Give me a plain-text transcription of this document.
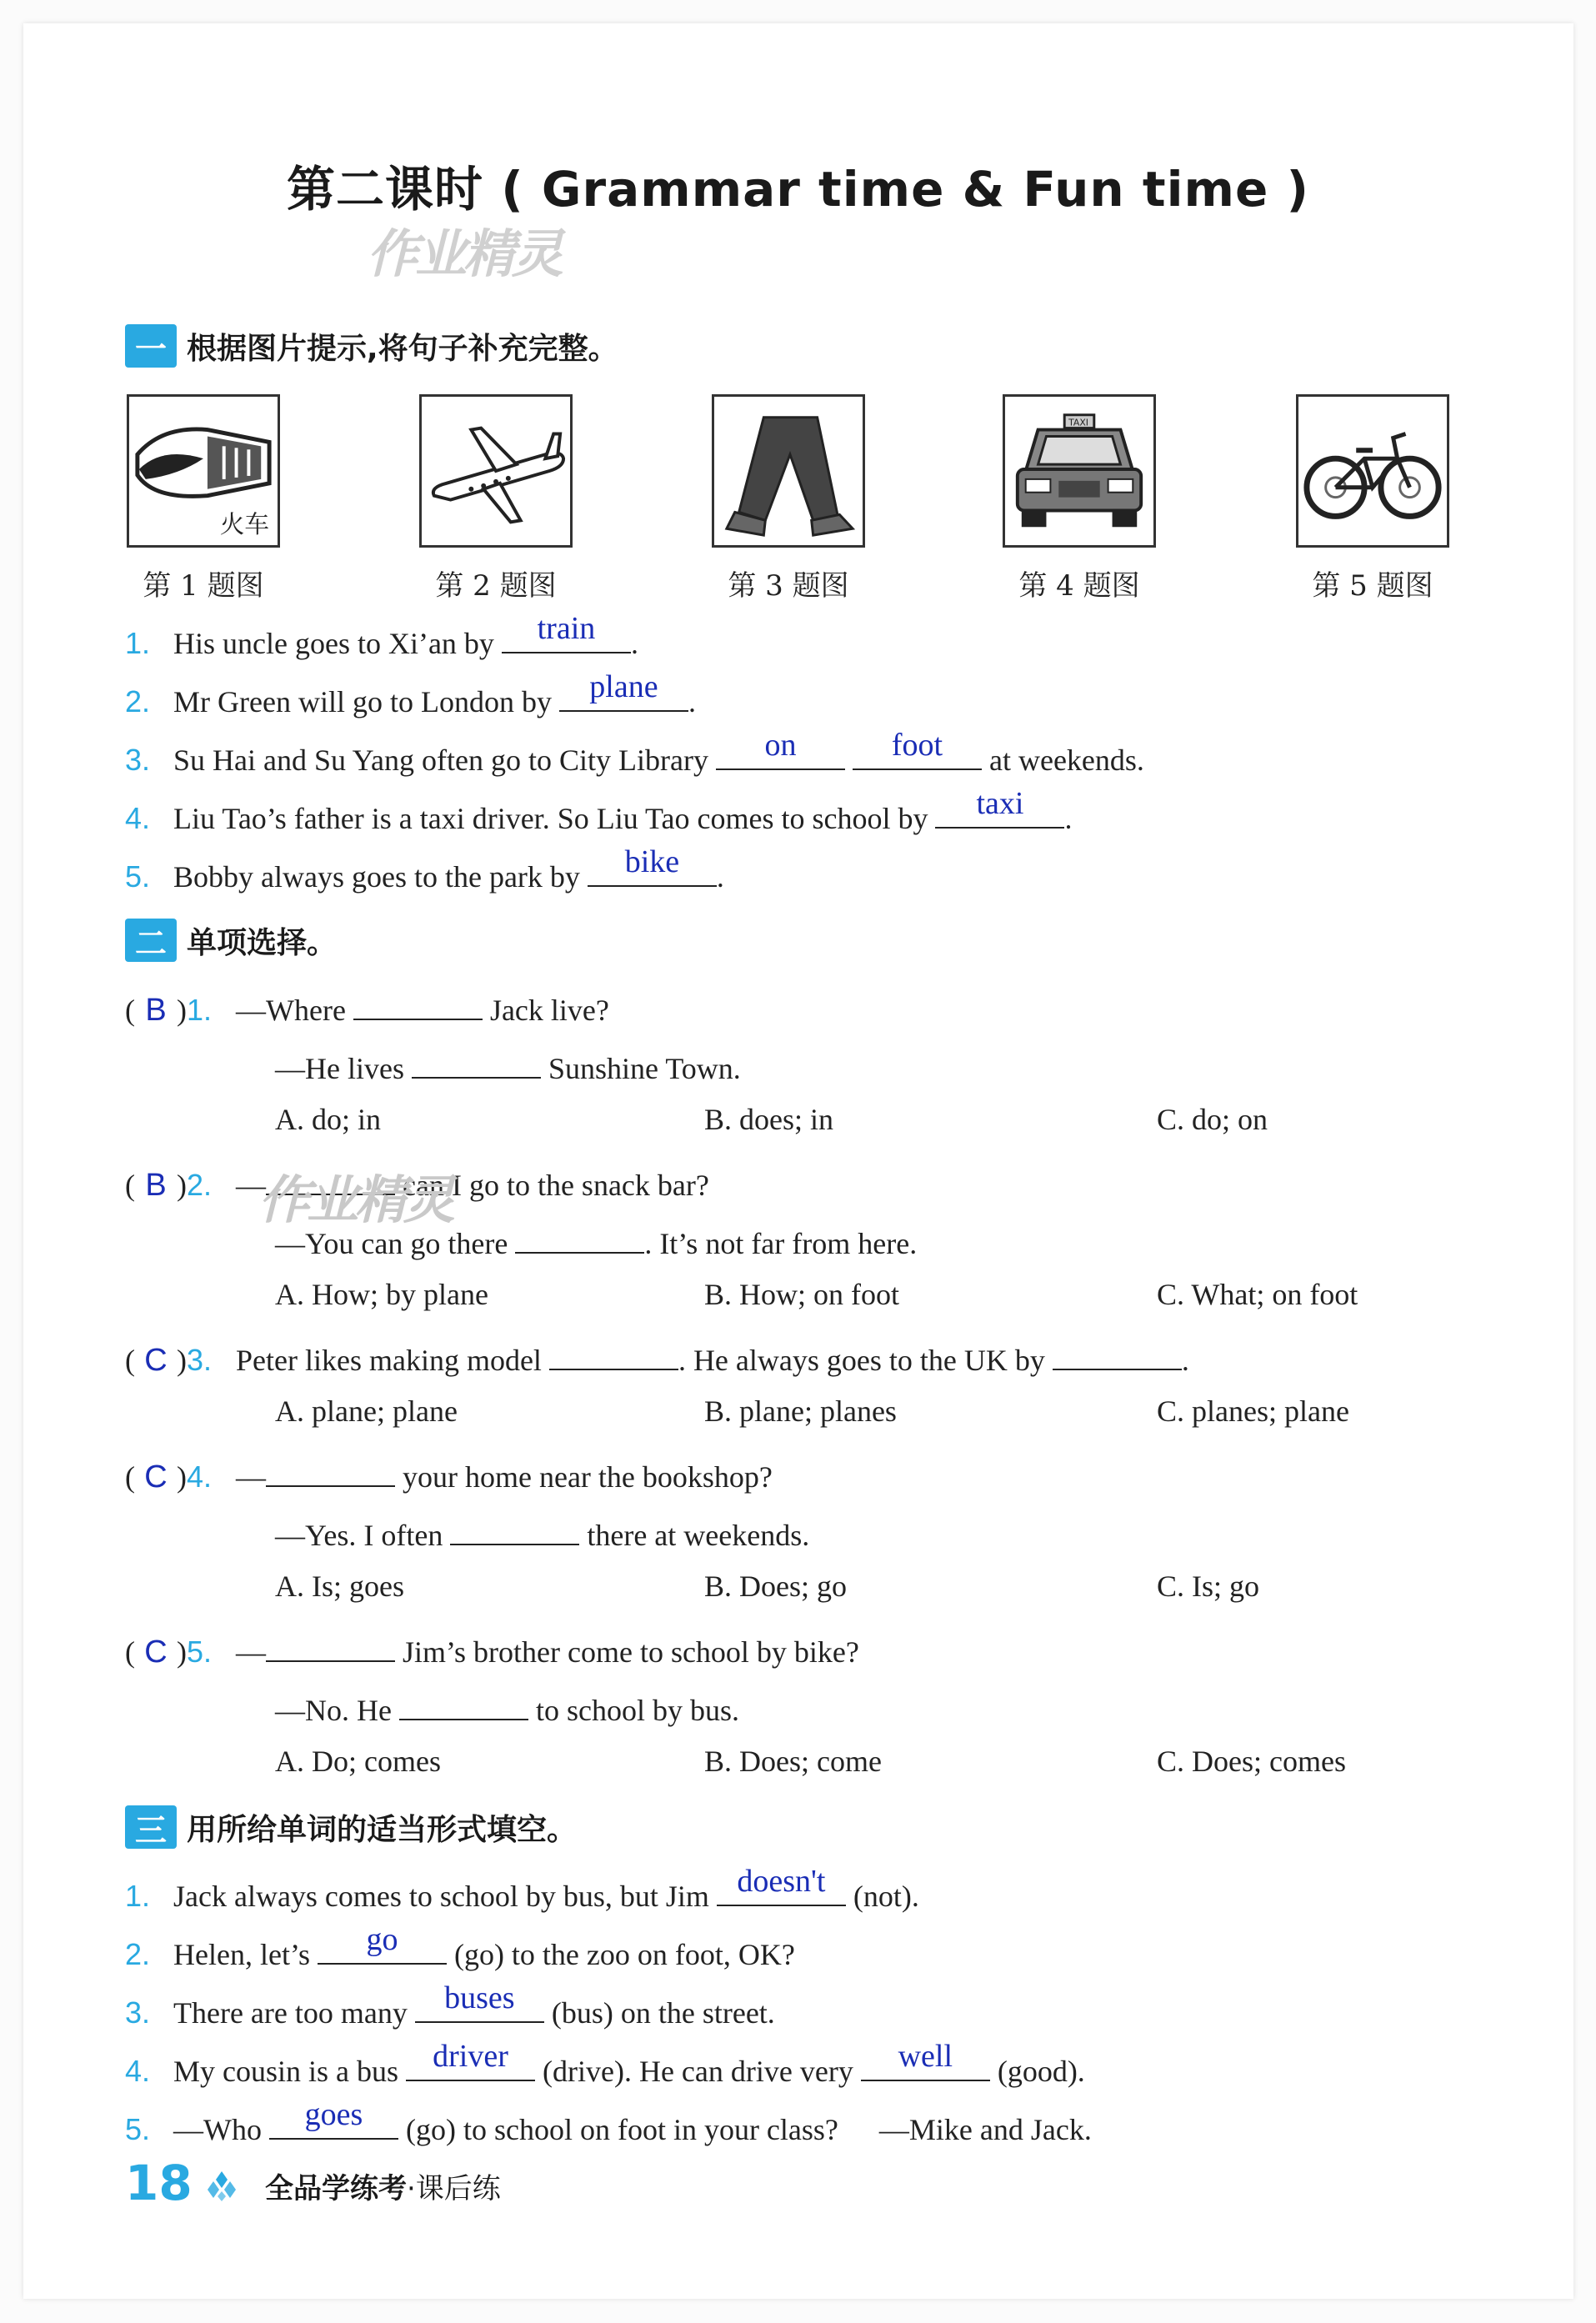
第二课时 ( Grammar time & Fun time )
作业精灵
一 根据图片提示,将句子补充完整。
火车
TAXI
第 1 题图	第 2 题图	第 3 题图	第 4 题图	第 5 题图
1. His uncle goes to Xi’an by	train	.
2. Mr Green will go to London by	plane	.
3. Su Hai and Su Yang often go to City Library	on
	foot	at weekends.
4. Liu Tao’s father is a taxi driver. So Liu Tao comes to school by	taxi	.
5. Bobby always goes to the park by	bike	.
二 单项选择。
( B )1. —Where	Jack live?
—He lives	Sunshine Town.
A. do; in	B. does; in	C. do; on
( B )2. —	can I go to the snack bar?
作业精灵
—You can go there	. It’s not far from here.
A. How; by plane	B. How; on foot	C. What; on foot
( C )3. Peter likes making model	. He always goes to the UK by	.
A. plane; plane	B. plane; planes	C. planes; plane
( C )4. —	your home near the bookshop?
—Yes. I often	there at weekends.
A. Is; goes	B. Does; go	C. Is; go
( C )5. —	Jim’s brother come to school by bike?
—No. He	to school by bus.
A. Do; comes	B. Does; come	C. Does; comes
三 用所给单词的适当形式填空。
1. Jack always comes to school by bus, but Jim doesn't (not).
2. Helen, let’s	go	(go) to the zoo on foot, OK?
3. There are too many	buses	(bus) on the street.
4. My cousin is a bus	driver	(drive). He can drive very	well	(good).
5. —Who	goes	(go) to school on foot in your class? —Mike and Jack.
18	全品学练考·课后练
